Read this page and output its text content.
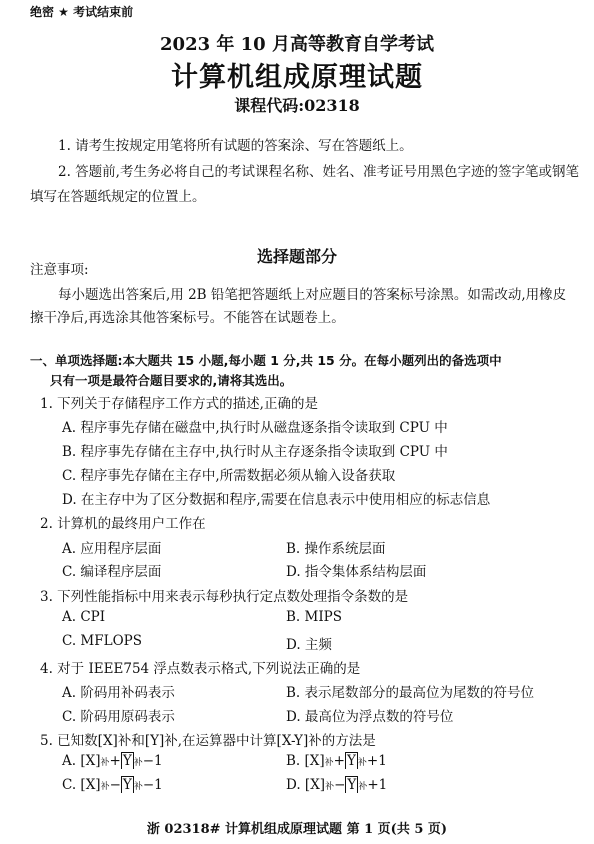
绝密 ★ 考试结束前
2023 年 10 月高等教育自学考试
计算机组成原理试题
课程代码:02318
1. 请考生按规定用笔将所有试题的答案涂、写在答题纸上。
2. 答题前,考生务必将自己的考试课程名称、姓名、准考证号用黑色字迹的签字笔或钢笔
填写在答题纸规定的位置上。
选择题部分
注意事项:
每小题选出答案后,用 2B 铅笔把答题纸上对应题目的答案标号涂黑。如需改动,用橡皮
擦干净后,再选涂其他答案标号。不能答在试题卷上。
一、单项选择题:本大题共 15 小题,每小题 1 分,共 15 分。在每小题列出的备选项中
只有一项是最符合题目要求的,请将其选出。
1. 下列关于存储程序工作方式的描述,正确的是
A. 程序事先存储在磁盘中,执行时从磁盘逐条指令读取到 CPU 中
B. 程序事先存储在主存中,执行时从主存逐条指令读取到 CPU 中
C. 程序事先存储在主存中,所需数据必须从输入设备获取
D. 在主存中为了区分数据和程序,需要在信息表示中使用相应的标志信息
2. 计算机的最终用户工作在
A. 应用程序层面	B. 操作系统层面
C. 编译程序层面	D. 指令集体系结构层面
3. 下列性能指标中用来表示每秒执行定点数处理指令条数的是
A. CPI	B. MIPS
C. MFLOPS	D. 主频
4. 对于 IEEE754 浮点数表示格式,下列说法正确的是
A. 阶码用补码表示	B. 表示尾数部分的最高位为尾数的符号位
C. 阶码用原码表示	D. 最高位为浮点数的符号位
5. 已知数[X]补和[Y]补,在运算器中计算[X-Y]补的方法是
A. [X]补+ $\overline{Y}$ 补−1	B. [X]补+ $\overline{Y}$ 补+1
C. [X]补− $\overline{Y}$ 补−1	D. [X]补− $\overline{Y}$ 补+1
浙 02318# 计算机组成原理试题 第 1 页(共 5 页)
